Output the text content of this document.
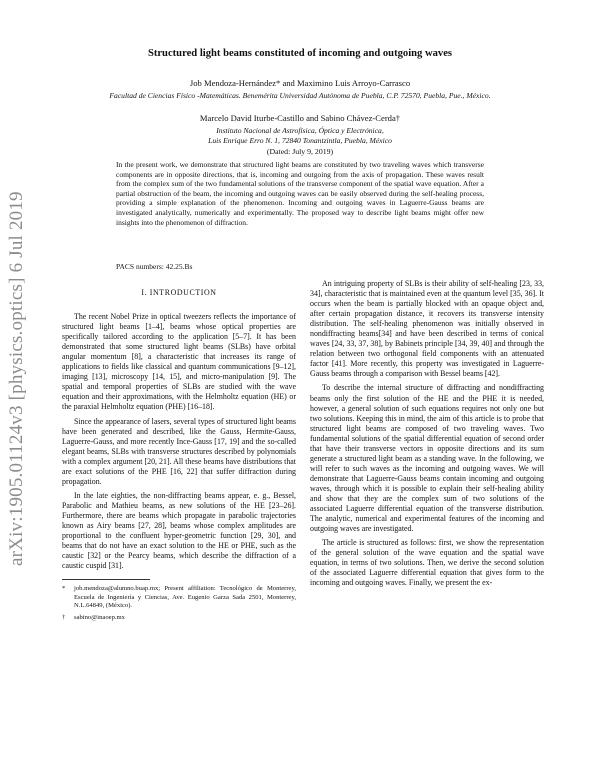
arXiv:1905.01124v3 [physics.optics] 6 Jul 2019
Structured light beams constituted of incoming and outgoing waves
Job Mendoza-Hernández* and Maximino Luis Arroyo-Carrasco
Facultad de Ciencias Físico -Matemáticas. Benemérita Universidad Autónoma de Puebla, C.P. 72570, Puebla, Pue., México.
Marcelo David Iturbe-Castillo and Sabino Chávez-Cerda†
Instituto Nacional de Astrofísica, Óptica y Electrónica,
Luis Enrique Erro N. 1, 72840 Tonantzintla, Puebla, México
(Dated: July 9, 2019)
In the present work, we demonstrate that structured light beams are constituted by two traveling waves which transverse components are in opposite directions, that is, incoming and outgoing from the axis of propagation. These waves result from the complex sum of the two fundamental solutions of the transverse component of the spatial wave equation. After a partial obstruction of the beam, the incoming and outgoing waves can be easily observed during the self-healing process, providing a simple explanation of the phenomenon. Incoming and outgoing waves in Laguerre-Gauss beams are investigated analytically, numerically and experimentally. The proposed way to describe light beams might offer new insights into the phenomenon of diffraction.
PACS numbers: 42.25.Bs

I. INTRODUCTION

The recent Nobel Prize in optical tweezers reflects the importance of structured light beams [1–4], beams whose optical properties are specifically tailored according to the application [5–7]. It has been demonstrated that some structured light beams (SLBs) have orbital angular momentum [8], a characteristic that increases its range of applications to fields like classical and quantum communications [9–12], imaging [13], microscopy [14, 15], and micro-manipulation [9]. The spatial and temporal properties of SLBs are studied with the wave equation and their approximations, with the Helmholtz equation (HE) or the paraxial Helmholtz equation (PHE) [16–18].

Since the appearance of lasers, several types of structured light beams have been generated and described, like the Gauss, Hermite-Gauss, Laguerre-Gauss, and more recently Ince-Gauss [17, 19] and the so-called elegant beams, SLBs with transverse structures described by polynomials with a complex argument [20, 21]. All these beams have distributions that are exact solutions of the PHE [16, 22] that suffer diffraction during propagation.

In the late eighties, the non-diffracting beams appear, e. g., Bessel, Parabolic and Mathieu beams, as new solutions of the HE [23–26]. Furthermore, there are beams which propagate in parabolic trajectories known as Airy beams [27, 28], beams whose complex amplitudes are proportional to the confluent hyper-geometric function [29, 30], and beams that do not have an exact solution to the HE or PHE, such as the caustic [32] or the Pearcy beams, which describe the diffraction of a caustic cuspid [31].

* job.mendoza@alumno.buap.mx; Present affiliation: Tecnológico de Monterrey, Escuela de Ingeniería y Ciencias, Ave. Eugenio Garza Sada 2501, Monterrey, N.L.64849, (México).

† sabino@inaoep.mx

An intriguing property of SLBs is their ability of self-healing [23, 33, 34], characteristic that is maintained even at the quantum level [35, 36]. It occurs when the beam is partially blocked with an opaque object and, after certain propagation distance, it recovers its transverse intensity distribution. The self-healing phenomenon was initially observed in nondiffracting beams[34] and have been described in terms of conical waves [24, 33, 37, 38], by Babinets principle [34, 39, 40] and through the relation between two orthogonal field components with an attenuated factor [41]. More recently, this property was investigated in Laguerre-Gauss beams through a comparison with Bessel beams [42].

To describe the internal structure of diffracting and nondiffracting beams only the first solution of the HE and the PHE it is needed, however, a general solution of such equations requires not only one but two solutions. Keeping this in mind, the aim of this article is to probe that structured light beams are composed of two traveling waves. Two fundamental solutions of the spatial differential equation of second order that have their transverse vectors in opposite directions and its sum generate a structured light beam as a standing wave. In the following, we will refer to such waves as the incoming and outgoing waves. We will demonstrate that Laguerre-Gauss beams contain incoming and outgoing waves, through which it is possible to explain their self-healing ability and show that they are the complex sum of two solutions of the associated Laguerre differential equation of the transverse distribution. The analytic, numerical and experimental features of the incoming and outgoing waves are investigated.

The article is structured as follows: first, we show the representation of the general solution of the wave equation and the spatial wave equation, in terms of two solutions. Then, we derive the second solution of the associated Laguerre differential equation that gives form to the incoming and outgoing waves. Finally, we present the ex-
